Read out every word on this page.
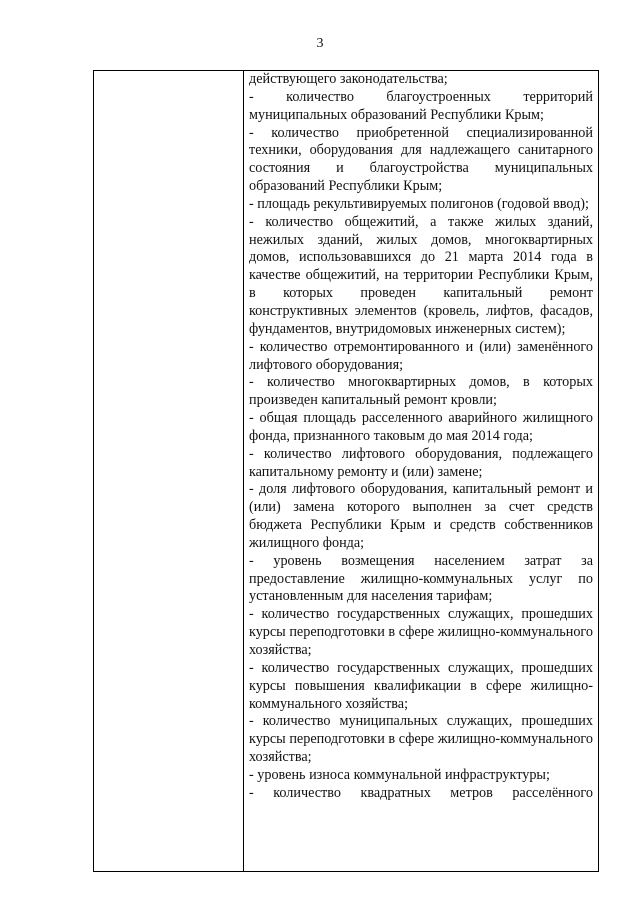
3

действующего законодательства;

- количество благоустроенных территорий муниципальных образований Республики Крым;

- количество приобретенной специализированной техники, оборудования для надлежащего санитарного состояния и благоустройства муниципальных образований Республики Крым;

- площадь рекультивируемых полигонов (годовой ввод);

- количество общежитий, а также жилых зданий, нежилых зданий, жилых домов, многоквартирных домов, использовавшихся до 21 марта 2014 года в качестве общежитий, на территории Республики Крым, в которых проведен капитальный ремонт конструктивных элементов (кровель, лифтов, фасадов, фундаментов, внутридомовых инженерных систем);

- количество отремонтированного и (или) заменённого лифтового оборудования;

- количество многоквартирных домов, в которых произведен капитальный ремонт кровли;

- общая площадь расселенного аварийного жилищного фонда, признанного таковым до мая 2014 года;

- количество лифтового оборудования, подлежащего капитальному ремонту и (или) замене;

- доля лифтового оборудования, капитальный ремонт и (или) замена которого выполнен за счет средств бюджета Республики Крым и средств собственников жилищного фонда;

- уровень возмещения населением затрат за предоставление жилищно-коммунальных услуг по установленным для населения тарифам;

- количество государственных служащих, прошедших курсы переподготовки в сфере жилищно-коммунального хозяйства;

- количество государственных служащих, прошедших курсы повышения квалификации в сфере жилищно-коммунального хозяйства;

- количество муниципальных служащих, прошедших курсы переподготовки в сфере жилищно-коммунального хозяйства;

- уровень износа коммунальной инфраструктуры;

- количество квадратных метров расселённого
